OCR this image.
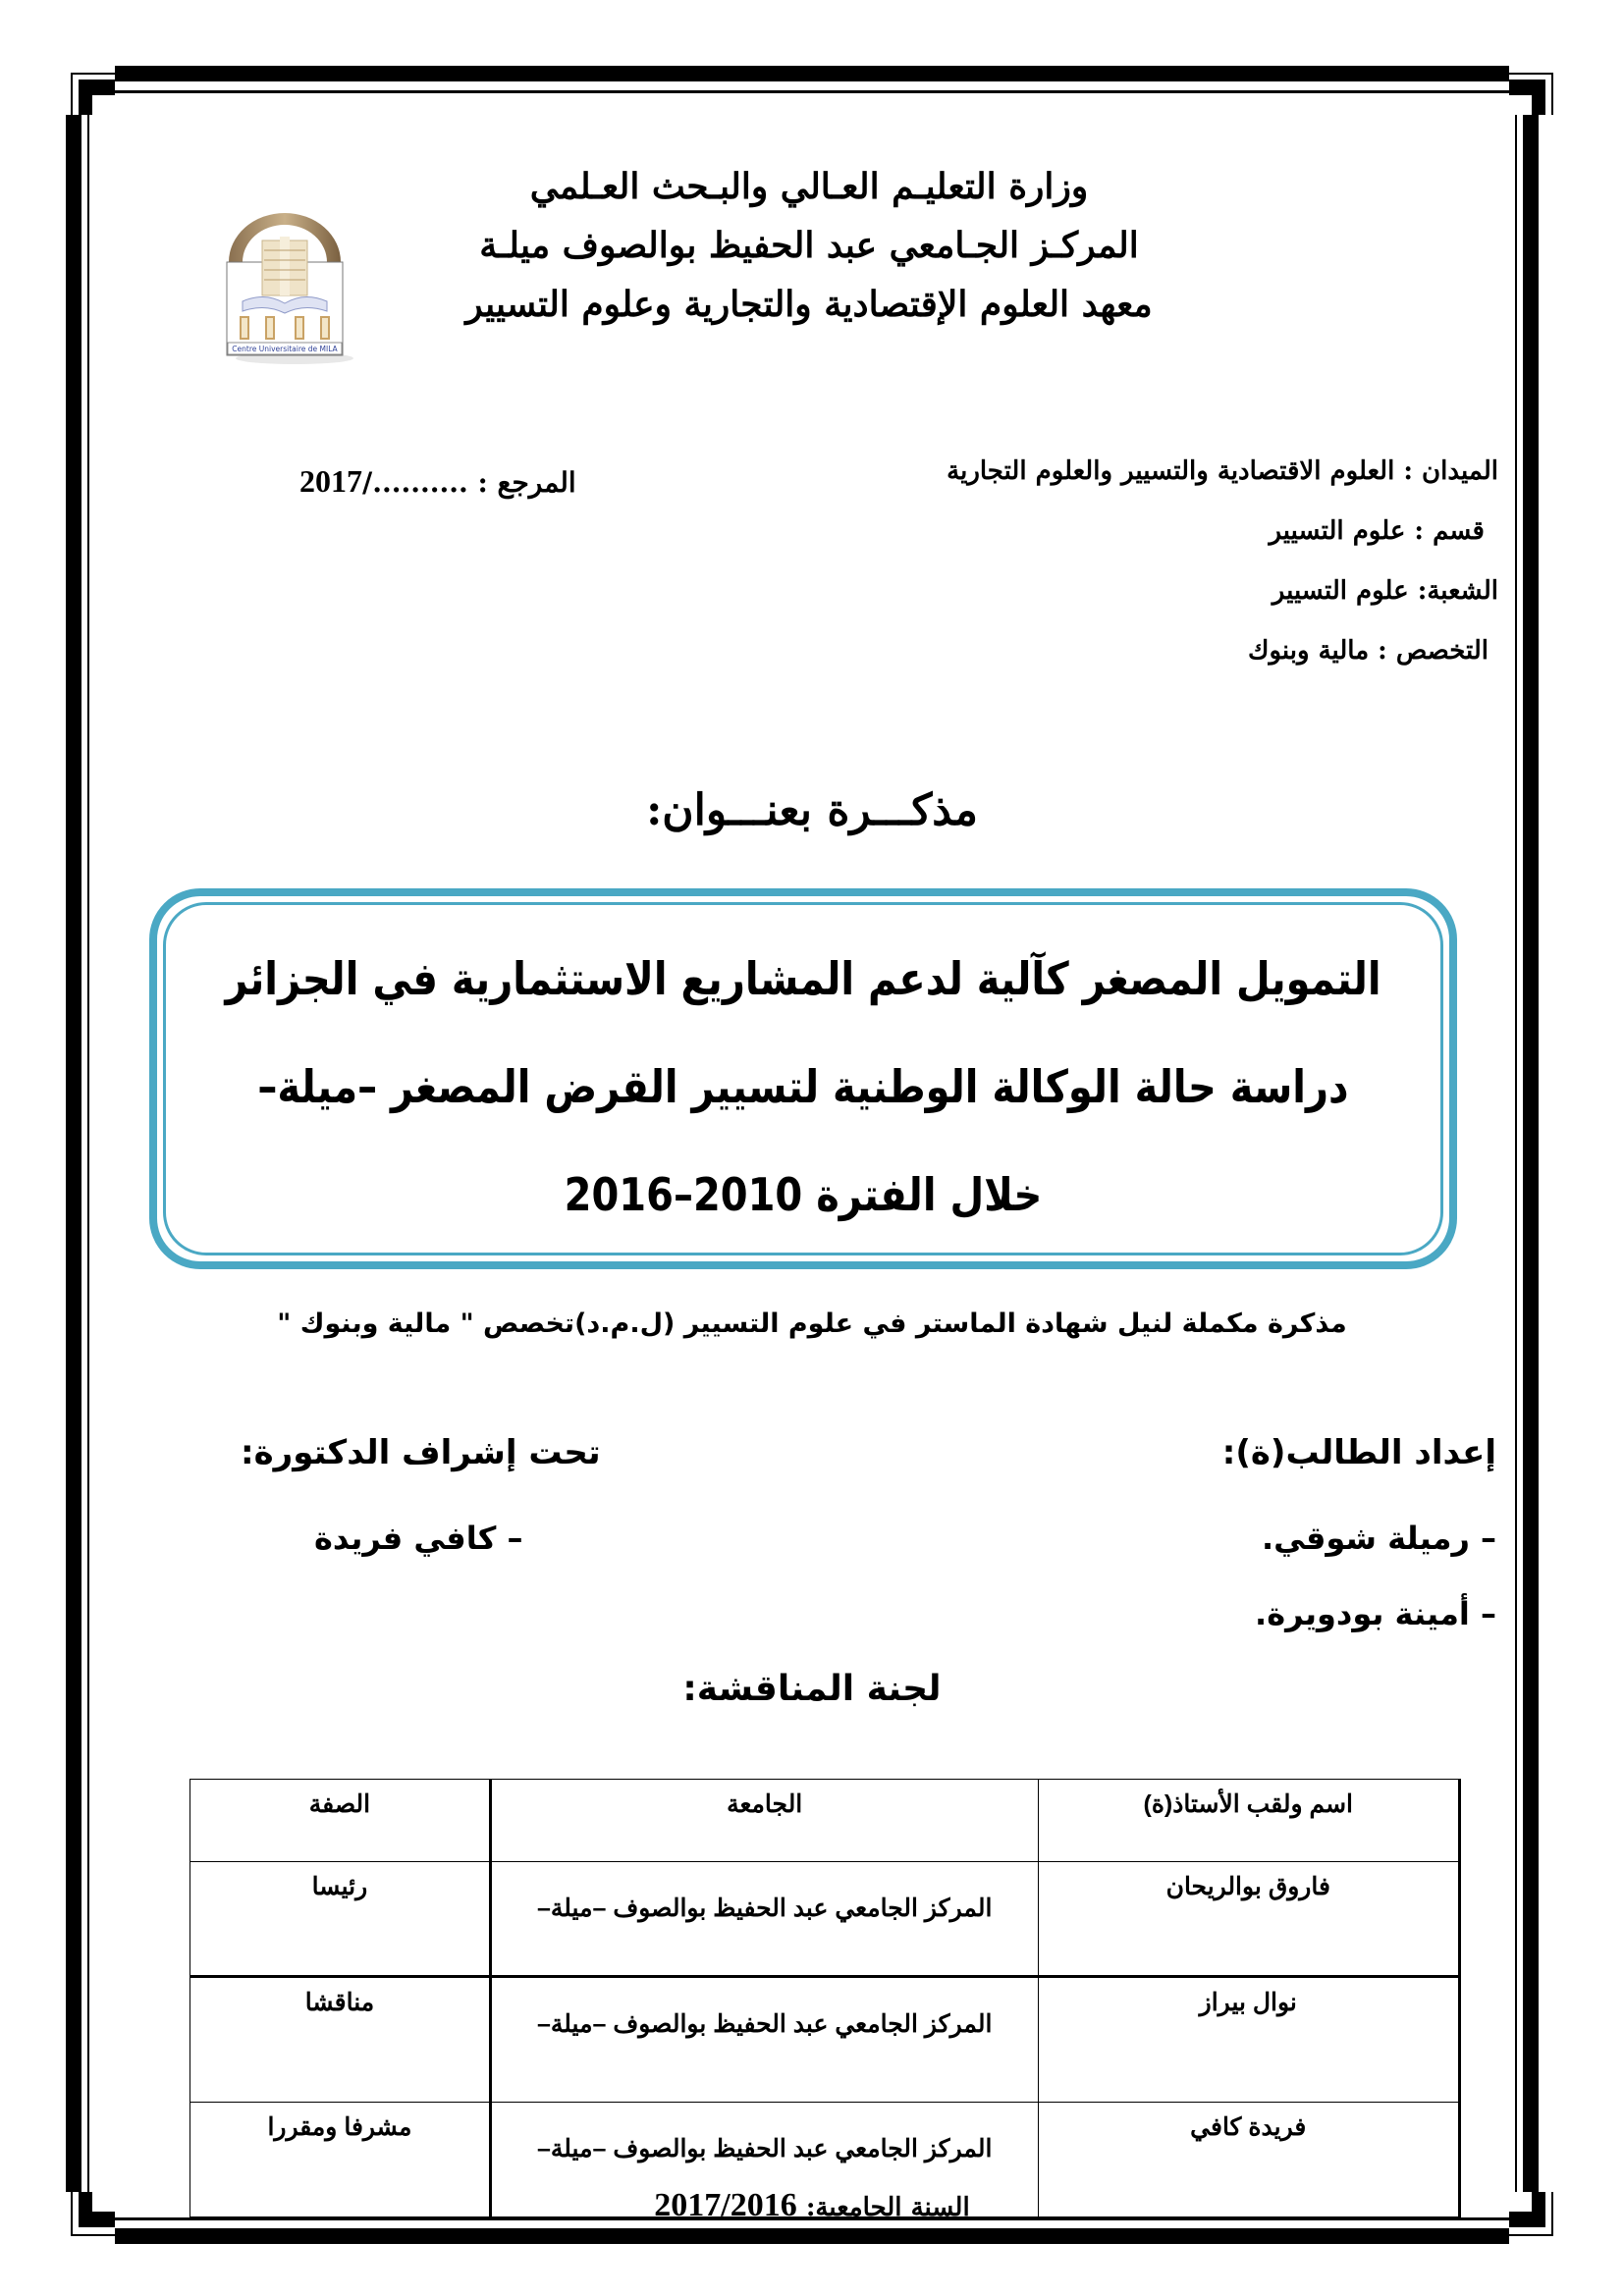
وزارة التعليـم العـالي والبـحث العـلمي
المركـز الجـامعي عبد الحفيظ بوالصوف ميلـة
معهد العلوم الإقتصادية والتجارية وعلوم التسيير
Centre Universitaire de MILA
الميدان : العلوم الاقتصادية والتسيير والعلوم التجارية
قسم : علوم التسيير
الشعبة: علوم التسيير
التخصص : مالية وبنوك
المرجع : ........../2017
مذكـــرة بعنـــوان:
التمويل المصغر كآلية لدعم المشاريع الاستثمارية في الجزائر
دراسة حالة الوكالة الوطنية لتسيير القرض المصغر –ميلة–
خلال الفترة 2010–2016
مذكرة مكملة لنيل شهادة الماستر في علوم التسيير (ل.م.د)تخصص " مالية وبنوك "
إعداد الطالب(ة):
– رميلة شوقي.
– أمينة بودويرة.
تحت إشراف الدكتورة:
– كافي فريدة
لجنة المناقشة:
اسم ولقب الأستاذ(ة)	الجامعة	الصفة
فاروق بوالريحان	المركز الجامعي عبد الحفيظ بوالصوف –ميلة–	رئيسا
نوال بيراز	المركز الجامعي عبد الحفيظ بوالصوف –ميلة–	مناقشا
فريدة كافي	المركز الجامعي عبد الحفيظ بوالصوف –ميلة–	مشرفا ومقررا
السنة الجامعية: 2017/2016
